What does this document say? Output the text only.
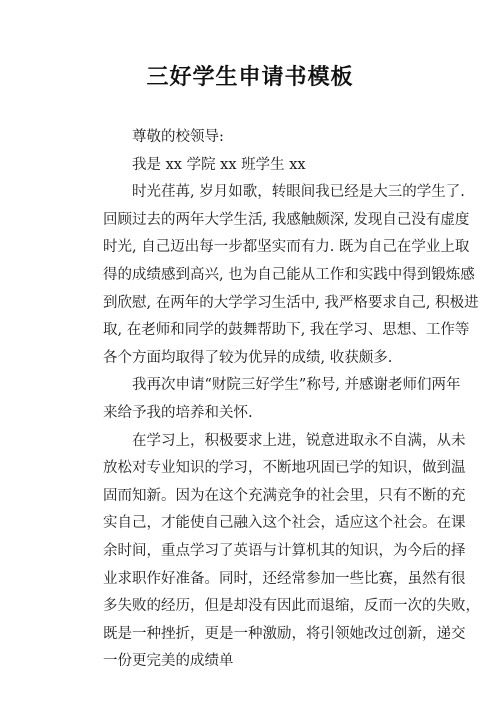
三好学生申请书模板

尊敬的校领导:

我是 xx 学院 xx 班学生 xx

时光荏苒, 岁月如歌，转眼间我已经是大三的学生了.
回顾过去的两年大学生活, 我感触颇深, 发现自己没有虚度
时光, 自己迈出每一步都坚实而有力. 既为自己在学业上取
得的成绩感到高兴, 也为自己能从工作和实践中得到锻炼感
到欣慰, 在两年的大学学习生活中, 我严格要求自己, 积极进
取, 在老师和同学的鼓舞帮助下, 我在学习、思想、工作等
各个方面均取得了较为优异的成绩, 收获颇多.

我再次申请“财院三好学生”称号, 并感谢老师们两年
来给予我的培养和关怀.

在学习上，积极要求上进，锐意进取永不自满，从未
放松对专业知识的学习，不断地巩固已学的知识，做到温
固而知新。因为在这个充满竞争的社会里，只有不断的充
实自己，才能使自己融入这个社会，适应这个社会。在课
余时间，重点学习了英语与计算机其的知识，为今后的择
业求职作好准备。同时，还经常参加一些比赛，虽然有很
多失败的经历，但是却没有因此而退缩，反而一次的失败，
既是一种挫折，更是一种激励，将引领她改过创新，递交
一份更完美的成绩单
